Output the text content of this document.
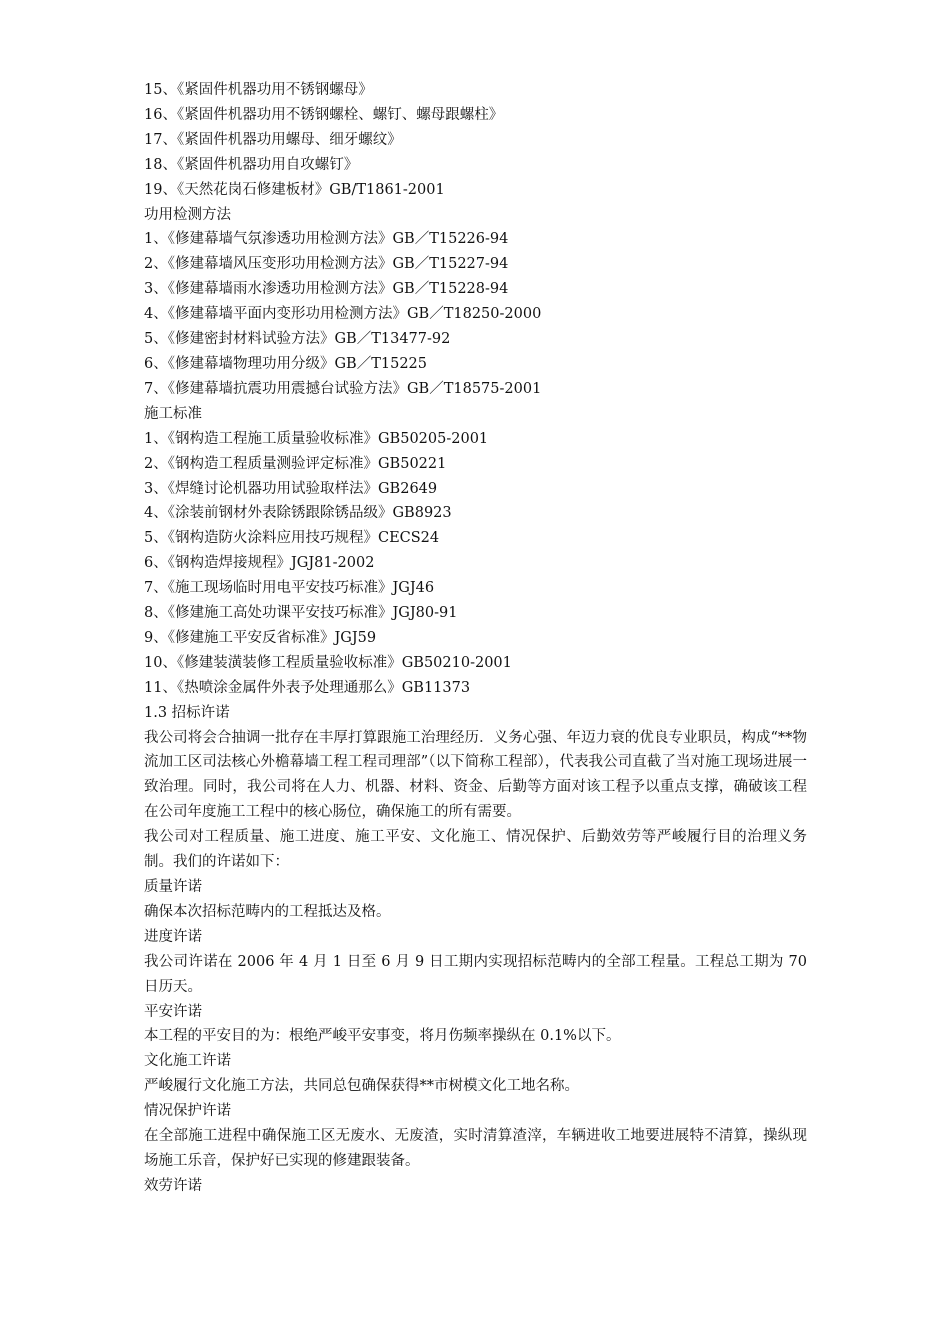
15、《紧固件机器功用不锈钢螺母》

16、《紧固件机器功用不锈钢螺栓、螺钉、螺母跟螺柱》

17、《紧固件机器功用螺母、细牙螺纹》

18、《紧固件机器功用自攻螺钉》

19、《天然花岗石修建板材》GB/T1861-2001

功用检测方法

1、《修建幕墙气氛渗透功用检测方法》GB／T15226-94

2、《修建幕墙风压变形功用检测方法》GB／T15227-94

3、《修建幕墙雨水渗透功用检测方法》GB／T15228-94

4、《修建幕墙平面内变形功用检测方法》GB／T18250-2000

5、《修建密封材料试验方法》GB／T13477-92

6、《修建幕墙物理功用分级》GB／T15225

7、《修建幕墙抗震功用震撼台试验方法》GB／T18575-2001

施工标准

1、《钢构造工程施工质量验收标准》GB50205-2001

2、《钢构造工程质量测验评定标准》GB50221

3、《焊缝讨论机器功用试验取样法》GB2649

4、《涂装前钢材外表除锈跟除锈品级》GB8923

5、《钢构造防火涂料应用技巧规程》CECS24

6、《钢构造焊接规程》JGJ81-2002

7、《施工现场临时用电平安技巧标准》JGJ46

8、《修建施工高处功课平安技巧标准》JGJ80-91

9、《修建施工平安反省标准》JGJ59

10、《修建装潢装修工程质量验收标准》GB50210-2001

11、《热喷涂金属件外表予处理通那么》GB11373

1.3 招标许诺

我公司将会合抽调一批存在丰厚打算跟施工治理经历．义务心强、年迈力衰的优良专业职员，构成“**物流加工区司法核心外檐幕墙工程工程司理部”（以下简称工程部），代表我公司直截了当对施工现场进展一致治理。同时，我公司将在人力、机器、材料、资金、后勤等方面对该工程予以重点支撑，确破该工程在公司年度施工工程中的核心肠位，确保施工的所有需要。

我公司对工程质量、施工进度、施工平安、文化施工、情况保护、后勤效劳等严峻履行目的治理义务制。我们的许诺如下：

质量许诺

确保本次招标范畴内的工程抵达及格。

进度许诺

我公司许诺在 2006 年 4 月 1 日至 6 月 9 日工期内实现招标范畴内的全部工程量。工程总工期为 70 日历天。

平安许诺

本工程的平安目的为：根绝严峻平安事变，将月伤频率操纵在 0.1%以下。

文化施工许诺

严峻履行文化施工方法，共同总包确保获得**市树模文化工地名称。

情况保护许诺

在全部施工进程中确保施工区无废水、无废渣，实时清算渣滓，车辆进收工地要进展特不清算，操纵现场施工乐音，保护好已实现的修建跟装备。

效劳许诺
